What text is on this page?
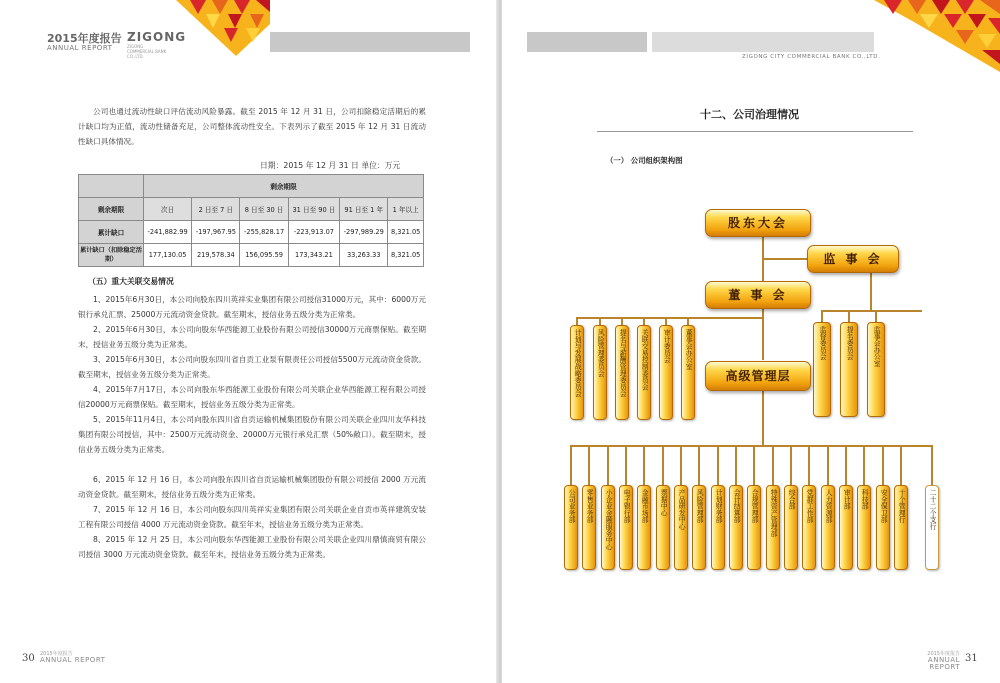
2015年度报告
ANNUAL REPORT
ZIGONG
ZIGONG COMMERCIAL BANK CO.,LTD.
公司也通过流动性缺口评估流动风险暴露。截至 2015 年 12 月 31 日，公司扣除稳定活期后的累计缺口均为正值，流动性储备充足，公司整体流动性安全。下表列示了截至 2015 年 12 月 31 日流动性缺口具体情况。
日期：2015 年 12 月 31 日 单位：万元
	剩余期限					
剩余期限	次日	2 日至 7 日	8 日至 30 日	31 日至 90 日	91 日至 1 年	1 年以上
累计缺口	-241,882.99	-197,967.95	-255,828.17	-223,913.07	-297,989.29	8,321.05
累计缺口（扣除稳定活期）	177,130.05	219,578.34	156,095.59	173,343.21	33,263.33	8,321.05
（五）重大关联交易情况
1、2015年6月30日，本公司向股东四川英祥实业集团有限公司授信31000万元，其中：6000万元银行承兑汇票、25000万元流动资金贷款。截至期末，授信业务五级分类为正常类。
2、2015年6月30日，本公司向股东华西能源工业股份有限公司授信30000万元商票保贴。截至期末，授信业务五级分类为正常类。
3、2015年6月30日，本公司向股东四川省自贡工业泵有限责任公司授信5500万元流动资金贷款。截至期末，授信业务五级分类为正常类。
4、2015年7月17日，本公司向股东华西能源工业股份有限公司关联企业华西能源工程有限公司授信20000万元商票保贴。截至期末，授信业务五级分类为正常类。
5、2015年11月4日，本公司向股东四川省自贡运输机械集团股份有限公司关联企业四川友华科技集团有限公司授信，其中：2500万元流动资金、20000万元银行承兑汇票（50%敞口）。截至期末，授信业务五级分类为正常类。
6、2015 年 12 月 16 日，本公司向股东四川省自贡运输机械集团股份有限公司授信 2000 万元流动资金贷款。截至期末，授信业务五级分类为正常类。
7、2015 年 12 月 16 日，本公司向股东四川英祥实业集团有限公司关联企业自贡市英祥建筑安装工程有限公司授信 4000 万元流动资金贷款。截至年末，授信业务五级分类为正常类。
8、2015 年 12 月 25 日，本公司向股东华西能源工业股份有限公司关联企业四川鼎慎商贸有限公司授信 3000 万元流动资金贷款。截至年末，授信业务五级分类为正常类。
30 2015年度报告
ANNUAL REPORT
ZIGONG CITY COMMERCIAL BANK CO.,LTD.
十二、公司治理情况
（一） 公司组织架构图
股东大会
监 事 会
董 事 会
高级管理层
计划与发展战略委员会 风险管理委员会 提名与薪酬管理委员会 关联交易控制委员会 审计委员会 董事会办公室	监督委员会	提名委员会	监事会办公室
公司业务部 零售业务部 小企业金融服务中心 电子银行部 金融市场部 票据中心 产品研发中心 风险管理部 计划财务部 会计结算部 合规管理部 特殊资产管理部 综合部 党群工作部 人力资源部 审计部 科技部 安全保卫部 十个管理行	二十二个支行
2015年度报告
ANNUAL REPORT
31
